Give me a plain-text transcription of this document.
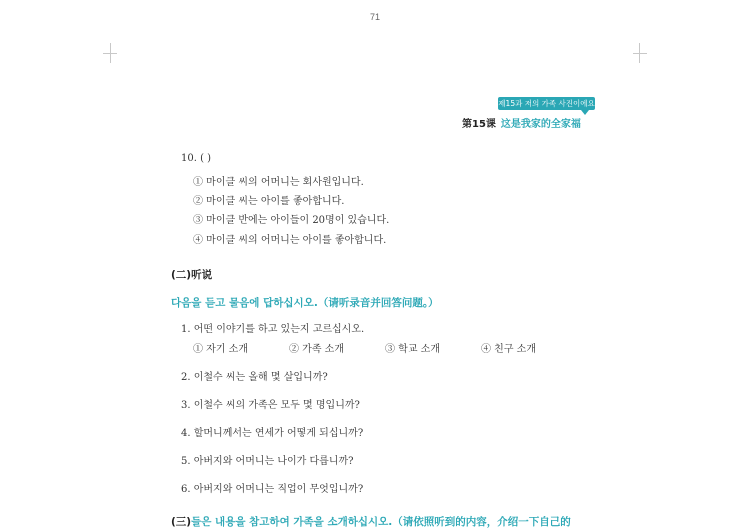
71
제15과 저의 가족 사진이에요
第15课 这是我家的全家福
10. ( )
① 마이클 씨의 어머니는 회사원입니다.
② 마이클 씨는 아이를 좋아합니다.
③ 마이클 반에는 아이들이 20명이 있습니다.
④ 마이클 씨의 어머니는 아이를 좋아합니다.
(二)听说
다음을 듣고 물음에 답하십시오.（请听录音并回答问题。）
1. 어떤 이야기를 하고 있는지 고르십시오.
① 자기 소개	② 가족 소개	③ 학교 소개	④ 친구 소개
2. 이철수 씨는 올해 몇 살입니까?
3. 이철수 씨의 가족은 모두 몇 명입니까?
4. 할머니께서는 연세가 어떻게 되십니까?
5. 아버지와 어머니는 나이가 다릅니까?
6. 아버지와 어머니는 직업이 무엇입니까?
(三)들은 내용을 참고하여 가족을 소개하십시오.（请依照听到的内容，介绍一下自己的
